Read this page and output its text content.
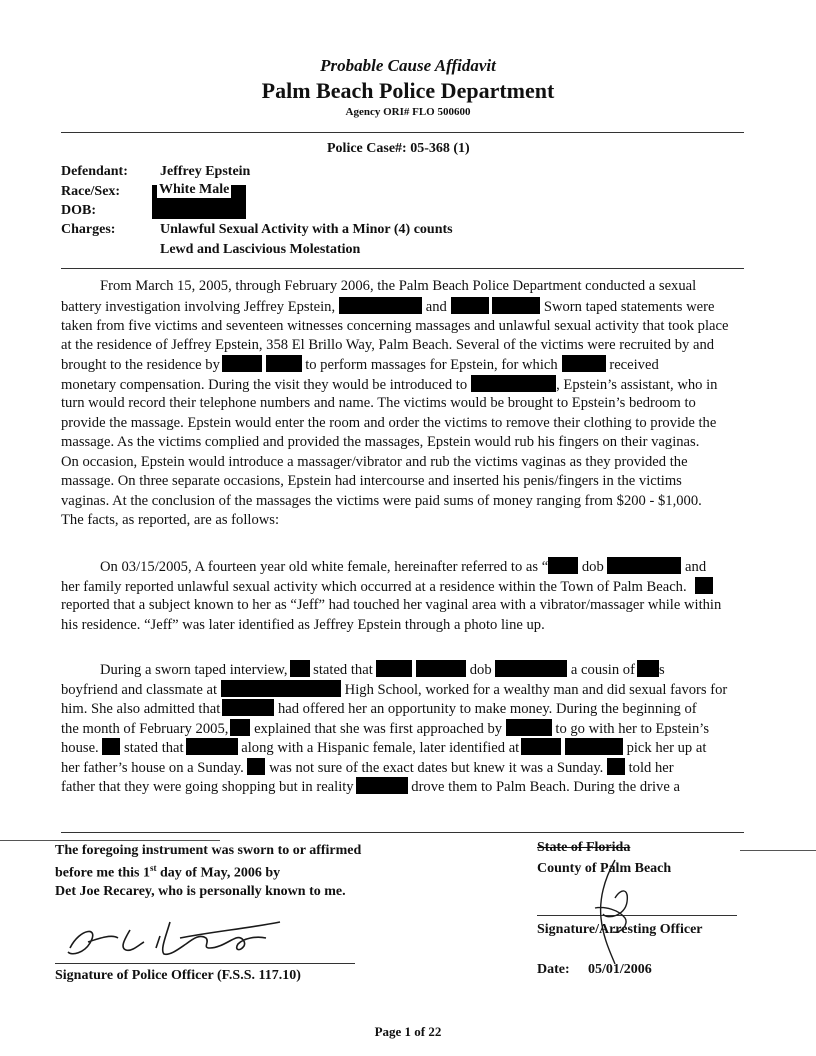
Probable Cause Affidavit
Palm Beach Police Department
Agency ORI# FLO 500600
Police Case#: 05-368 (1)
Defendant: Jeffrey Epstein
Race/Sex:	White Male
DOB:
Charges:	Unlawful Sexual Activity with a Minor (4) counts
Lewd and Lascivious Molestation
From March 15, 2005, through February 2006, the Palm Beach Police Department conducted a sexual
battery investigation involving Jeffrey Epstein,	and	Sworn taped statements were
taken from five victims and seventeen witnesses concerning massages and unlawful sexual activity that took place
at the residence of Jeffrey Epstein, 358 El Brillo Way, Palm Beach. Several of the victims were recruited by and
brought to the residence by	to perform massages for Epstein, for which	received
monetary compensation. During the visit they would be introduced to	, Epstein’s assistant, who in
turn would record their telephone numbers and name. The victims would be brought to Epstein’s bedroom to
provide the massage. Epstein would enter the room and order the victims to remove their clothing to provide the
massage. As the victims complied and provided the massages, Epstein would rub his fingers on their vaginas.
On occasion, Epstein would introduce a massager/vibrator and rub the victims vaginas as they provided the
massage. On three separate occasions, Epstein had intercourse and inserted his penis/fingers in the victims
vaginas. At the conclusion of the massages the victims were paid sums of money ranging from $200 - $1,000.
The facts, as reported, are as follows:
On 03/15/2005, A fourteen year old white female, hereinafter referred to as “ dob	and
her family reported unlawful sexual activity which occurred at a residence within the Town of Palm Beach.
reported that a subject known to her as “Jeff” had touched her vaginal area with a vibrator/massager while within
his residence. “Jeff” was later identified as Jeffrey Epstein through a photo line up.
During a sworn taped interview, stated that	dob	a cousin of s
boyfriend and classmate at	High School, worked for a wealthy man and did sexual favors for
him. She also admitted that	had offered her an opportunity to make money. During the beginning of
the month of February 2005, explained that she was first approached by	to go with her to Epstein’s
house. stated that	along with a Hispanic female, later identified at	pick her up at
her father’s house on a Sunday. was not sure of the exact dates but knew it was a Sunday. told her
father that they were going shopping but in reality	drove them to Palm Beach. During the drive a
The foregoing instrument was sworn to or affirmed
before me this 1st day of May, 2006 by
Det Joe Recarey, who is personally known to me.
Signature of Police Officer (F.S.S. 117.10)
State of Florida
County of Palm Beach
Signature/Arresting Officer
Date: 05/01/2006
Page 1 of 22
